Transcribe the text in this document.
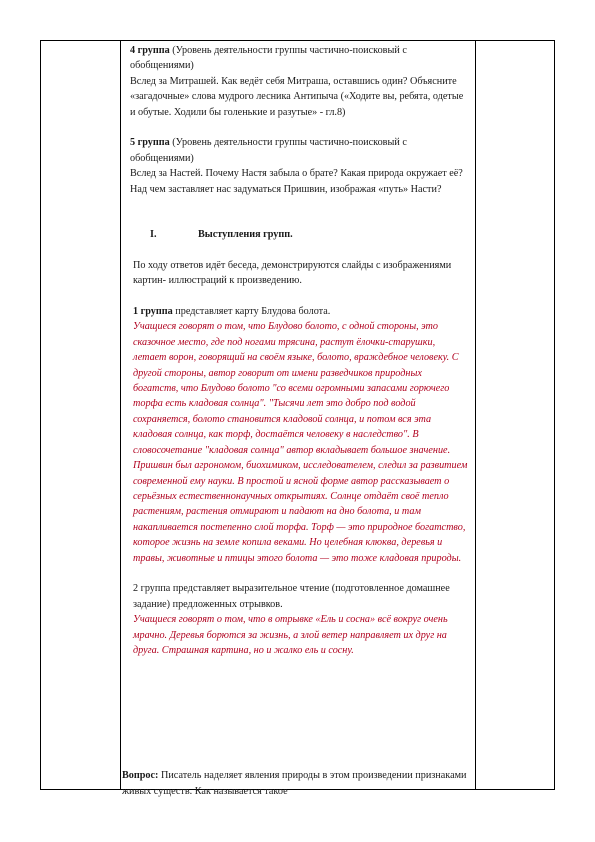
4 группа (Уровень деятельности группы частично-поисковый с обобщениями)
Вслед за Митрашей. Как ведёт себя Митраша, оставшись один? Объясните «загадочные» слова мудрого лесника Антипыча («Ходите вы, ребята, одетые и обутые. Ходили бы голенькие и разутые» - гл.8)

5 группа (Уровень деятельности группы частично-поисковый с обобщениями)
Вслед за Настей. Почему Настя забыла о брате? Какая природа окружает её? Над чем заставляет нас задуматься Пришвин, изображая «путь» Насти?

I.	Выступления групп.

По ходу ответов идёт беседа, демонстрируются слайды с изображениями картин- иллюстраций к произведению.

1 группа представляет карту Блудова болота.
Учащиеся говорят о том, что Блудово болото, с одной стороны, это сказочное место, где под ногами трясина, растут ёлочки-старушки, летает ворон, говорящий на своём языке, болото, враждебное человеку. С другой стороны, автор говорит от имени разведчиков природных богатств, что Блудово болото "со всеми огромными запасами горючего торфа есть кладовая солнца". "Тысячи лет это добро под водой сохраняется, болото становится кладовой солнца, и потом вся эта кладовая солнца, как торф, достаётся человеку в наследство". В словосочетание "кладовая солнца" автор вкладывает большое значение. Пришвин был агрономом, биохимиком, исследователем, следил за развитием современной ему науки. В простой и ясной форме автор рассказывает о серьёзных естественнонаучных открытиях. Солнце отдаёт своё тепло растениям, растения отмирают и падают на дно болота, и там накапливается постепенно слой торфа. Торф — это природное богатство, которое жизнь на земле копила веками. Но целебная клюква, деревья и травы, животные и птицы этого болота — это тоже кладовая природы.

2 группа представляет выразительное чтение (подготовленное домашнее задание) предложенных отрывков.
Учащиеся говорят о том, что в отрывке «Ель и сосна» всё вокруг очень мрачно. Деревья борются за жизнь, а злой ветер направляет их друг на друга. Страшная картина, но и жалко ель и сосну.

Вопрос: Писатель наделяет явления природы в этом произведении признаками живых существ. Как называется такое
